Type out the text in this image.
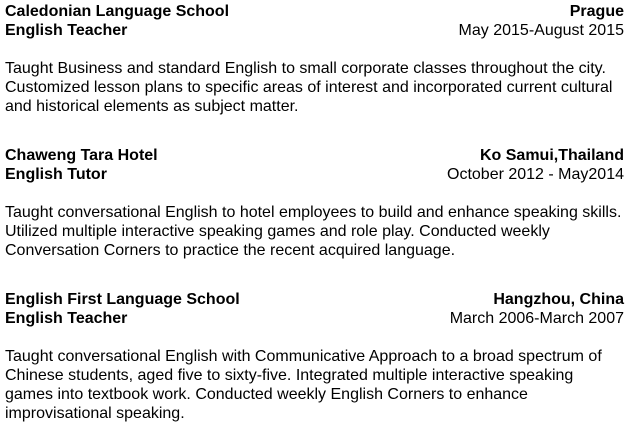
Caledonian Language School	Prague
English Teacher	May 2015-August 2015

Taught Business and standard English to small corporate classes throughout the city. Customized lesson plans to specific areas of interest and incorporated current cultural and historical elements as subject matter.

Chaweng Tara Hotel	Ko Samui,Thailand
English Tutor	October 2012 - May2014

Taught conversational English to hotel employees to build and enhance speaking skills. Utilized multiple interactive speaking games and role play. Conducted weekly Conversation Corners to practice the recent acquired language.

English First Language School	Hangzhou, China
English Teacher	March 2006-March 2007

Taught conversational English with Communicative Approach to a broad spectrum of Chinese students, aged five to sixty-five. Integrated multiple interactive speaking games into textbook work. Conducted weekly English Corners to enhance improvisational speaking.
